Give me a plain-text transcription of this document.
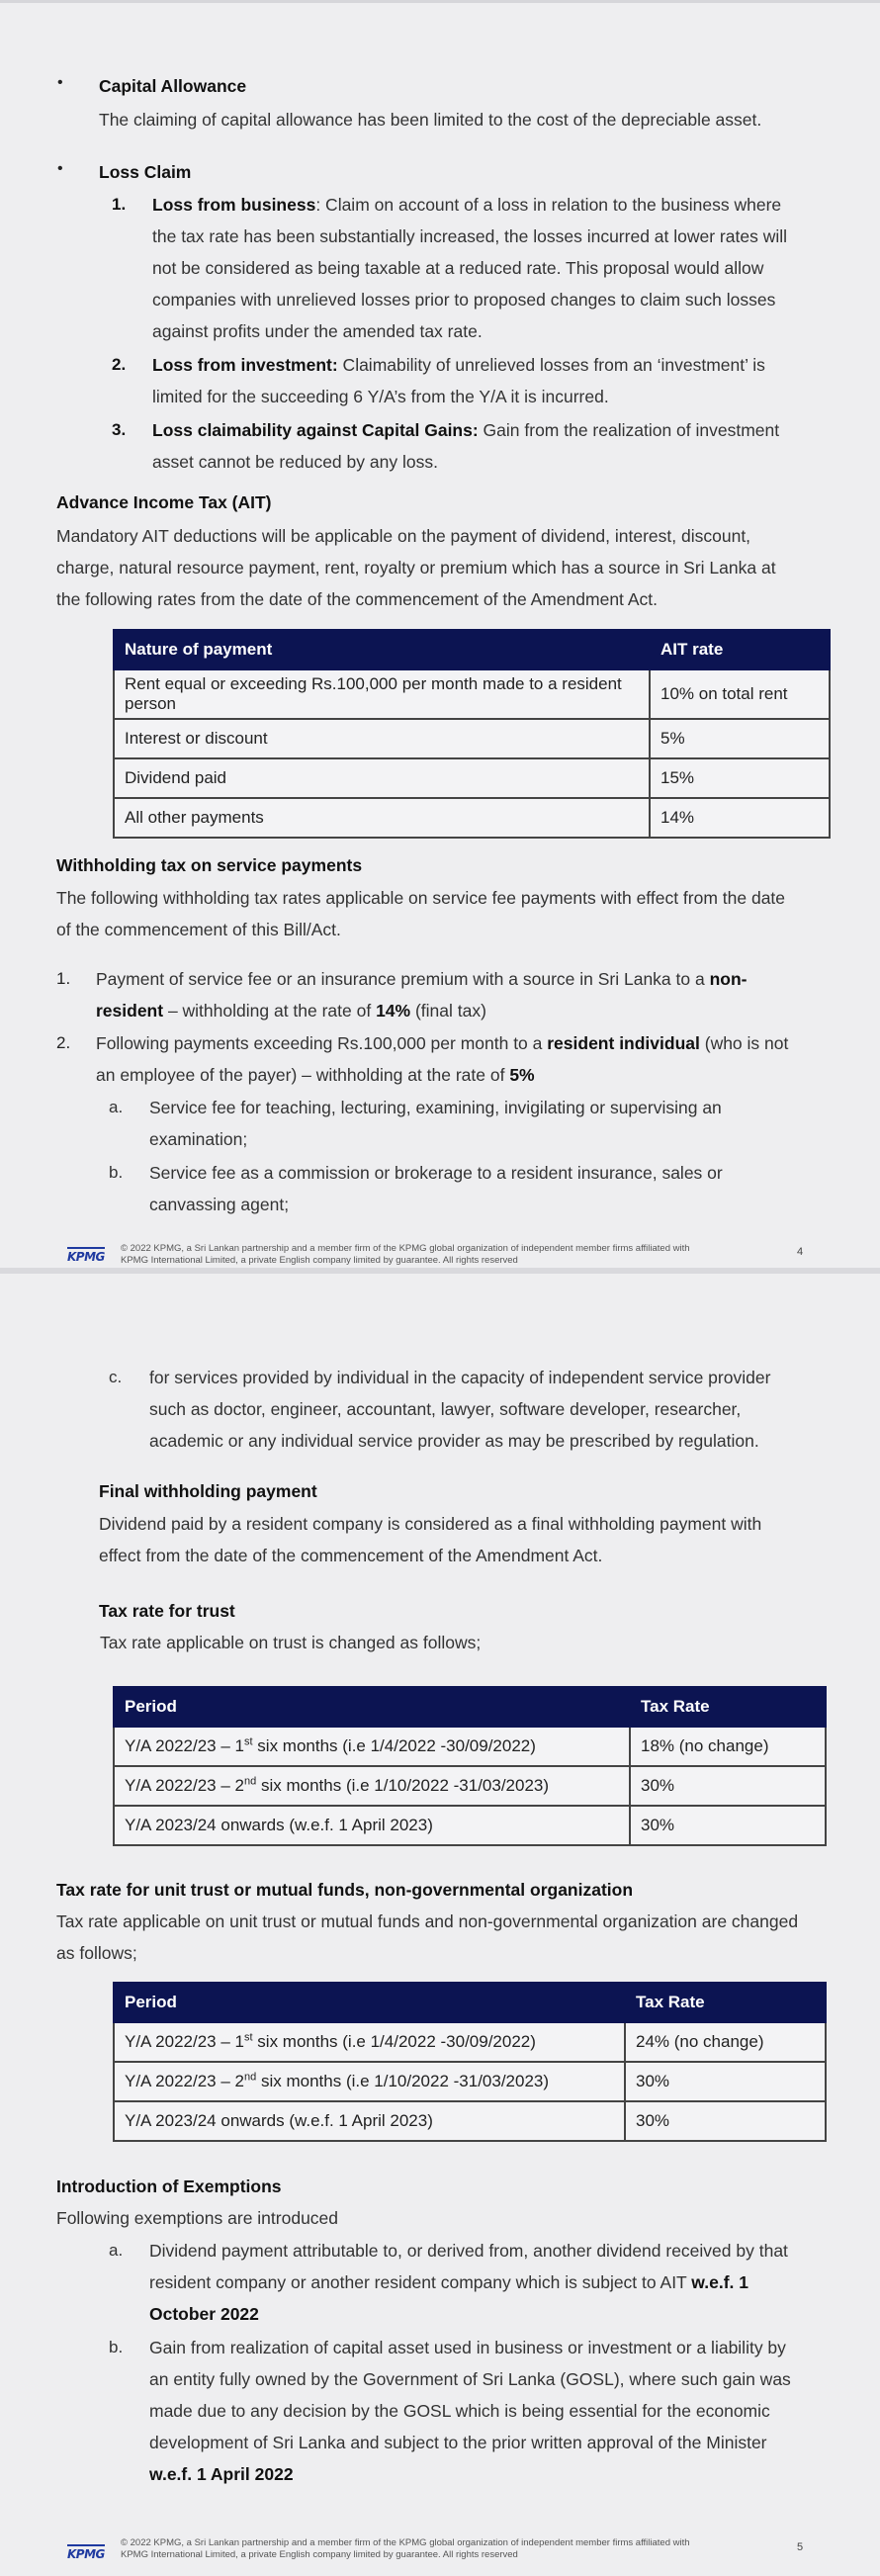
• Capital Allowance
The claiming of capital allowance has been limited to the cost of the depreciable asset.
• Loss Claim
1. Loss from business: Claim on account of a loss in relation to the business where
the tax rate has been substantially increased, the losses incurred at lower rates will
not be considered as being taxable at a reduced rate. This proposal would allow
companies with unrelieved losses prior to proposed changes to claim such losses
against profits under the amended tax rate.
2. Loss from investment: Claimability of unrelieved losses from an ‘investment’ is
limited for the succeeding 6 Y/A’s from the Y/A it is incurred.
3. Loss claimability against Capital Gains: Gain from the realization of investment
asset cannot be reduced by any loss.
Advance Income Tax (AIT)
Mandatory AIT deductions will be applicable on the payment of dividend, interest, discount,
charge, natural resource payment, rent, royalty or premium which has a source in Sri Lanka at
the following rates from the date of the commencement of the Amendment Act.
Nature of payment	AIT rate
Rent equal or exceeding Rs.100,000 per month made to a resident person	10% on total rent
Interest or discount	5%
Dividend paid	15%
All other payments	14%
Withholding tax on service payments
The following withholding tax rates applicable on service fee payments with effect from the date
of the commencement of this Bill/Act.
1. Payment of service fee or an insurance premium with a source in Sri Lanka to a non-
resident – withholding at the rate of 14% (final tax)
2. Following payments exceeding Rs.100,000 per month to a resident individual (who is not
an employee of the payer) – withholding at the rate of 5%
a. Service fee for teaching, lecturing, examining, invigilating or supervising an
examination;
b. Service fee as a commission or brokerage to a resident insurance, sales or
canvassing agent;
KPMG
© 2022 KPMG, a Sri Lankan partnership and a member firm of the KPMG global organization of independent member firms affiliated with
KPMG International Limited, a private English company limited by guarantee. All rights reserved
4
c. for services provided by individual in the capacity of independent service provider
such as doctor, engineer, accountant, lawyer, software developer, researcher,
academic or any individual service provider as may be prescribed by regulation.
Final withholding payment
Dividend paid by a resident company is considered as a final withholding payment with
effect from the date of the commencement of the Amendment Act.
Tax rate for trust
Tax rate applicable on trust is changed as follows;
Period	Tax Rate
Y/A 2022/23 – 1st six months (i.e 1/4/2022 -30/09/2022)	18% (no change)
Y/A 2022/23 – 2nd six months (i.e 1/10/2022 -31/03/2023)	30%
Y/A 2023/24 onwards (w.e.f. 1 April 2023)	30%
Tax rate for unit trust or mutual funds, non-governmental organization
Tax rate applicable on unit trust or mutual funds and non-governmental organization are changed
as follows;
Period	Tax Rate
Y/A 2022/23 – 1st six months (i.e 1/4/2022 -30/09/2022)	24% (no change)
Y/A 2022/23 – 2nd six months (i.e 1/10/2022 -31/03/2023)	30%
Y/A 2023/24 onwards (w.e.f. 1 April 2023)	30%
Introduction of Exemptions
Following exemptions are introduced
a. Dividend payment attributable to, or derived from, another dividend received by that
resident company or another resident company which is subject to AIT w.e.f. 1
October 2022
b. Gain from realization of capital asset used in business or investment or a liability by
an entity fully owned by the Government of Sri Lanka (GOSL), where such gain was
made due to any decision by the GOSL which is being essential for the economic
development of Sri Lanka and subject to the prior written approval of the Minister
w.e.f. 1 April 2022
KPMG
© 2022 KPMG, a Sri Lankan partnership and a member firm of the KPMG global organization of independent member firms affiliated with
KPMG International Limited, a private English company limited by guarantee. All rights reserved
5
